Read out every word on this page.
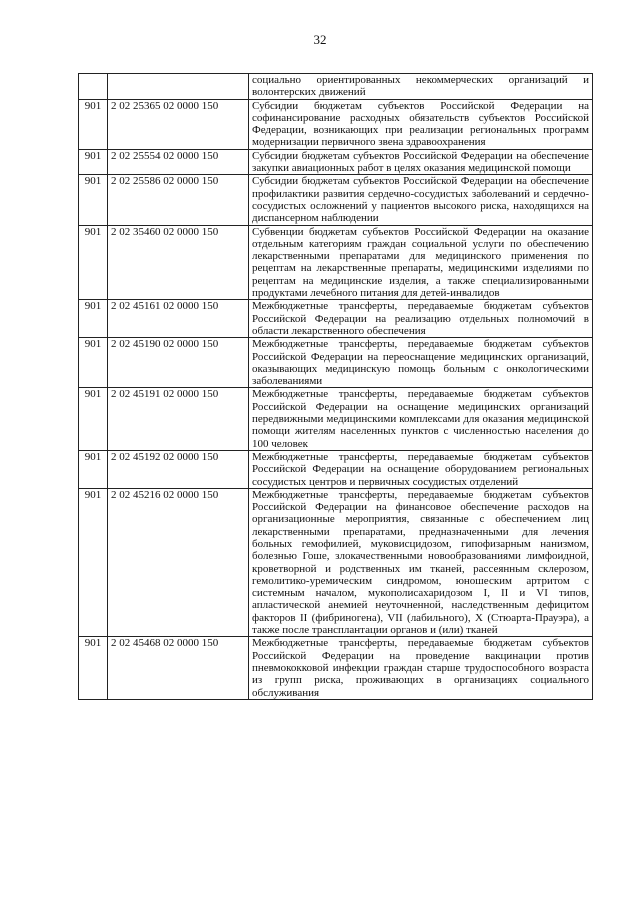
32
		социально ориентированных некоммерческих организаций и волонтерских движений
901	2 02 25365 02 0000 150	Субсидии бюджетам субъектов Российской Федерации на софинансирование расходных обязательств субъектов Российской Федерации, возникающих при реализации региональных программ модернизации первичного звена здравоохранения
901	2 02 25554 02 0000 150	Субсидии бюджетам субъектов Российской Федерации на обеспечение закупки авиационных работ в целях оказания медицинской помощи
901	2 02 25586 02 0000 150	Субсидии бюджетам субъектов Российской Федерации на обеспечение профилактики развития сердечно-сосудистых заболеваний и сердечно-сосудистых осложнений у пациентов высокого риска, находящихся на диспансерном наблюдении
901	2 02 35460 02 0000 150	Субвенции бюджетам субъектов Российской Федерации на оказание отдельным категориям граждан социальной услуги по обеспечению лекарственными препаратами для медицинского применения по рецептам на лекарственные препараты, медицинскими изделиями по рецептам на медицинские изделия, а также специализированными продуктами лечебного питания для детей-инвалидов
901	2 02 45161 02 0000 150	Межбюджетные трансферты, передаваемые бюджетам субъектов Российской Федерации на реализацию отдельных полномочий в области лекарственного обеспечения
901	2 02 45190 02 0000 150	Межбюджетные трансферты, передаваемые бюджетам субъектов Российской Федерации на переоснащение медицинских организаций, оказывающих медицинскую помощь больным с онкологическими заболеваниями
901	2 02 45191 02 0000 150	Межбюджетные трансферты, передаваемые бюджетам субъектов Российской Федерации на оснащение медицинских организаций передвижными медицинскими комплексами для оказания медицинской помощи жителям населенных пунктов с численностью населения до 100 человек
901	2 02 45192 02 0000 150	Межбюджетные трансферты, передаваемые бюджетам субъектов Российской Федерации на оснащение оборудованием региональных сосудистых центров и первичных сосудистых отделений
901	2 02 45216 02 0000 150	Межбюджетные трансферты, передаваемые бюджетам субъектов Российской Федерации на финансовое обеспечение расходов на организационные мероприятия, связанные с обеспечением лиц лекарственными препаратами, предназначенными для лечения больных гемофилией, муковисцидозом, гипофизарным нанизмом, болезнью Гоше, злокачественными новообразованиями лимфоидной, кроветворной и родственных им тканей, рассеянным склерозом, гемолитико-уремическим синдромом, юношеским артритом с системным началом, мукополисахаридозом I, II и VI типов, апластической анемией неуточненной, наследственным дефицитом факторов II (фибриногена), VII (лабильного), X (Стюарта-Прауэра), а также после трансплантации органов и (или) тканей
901	2 02 45468 02 0000 150	Межбюджетные трансферты, передаваемые бюджетам субъектов Российской Федерации на проведение вакцинации против пневмококковой инфекции граждан старше трудоспособного возраста из групп риска, проживающих в организациях социального обслуживания
